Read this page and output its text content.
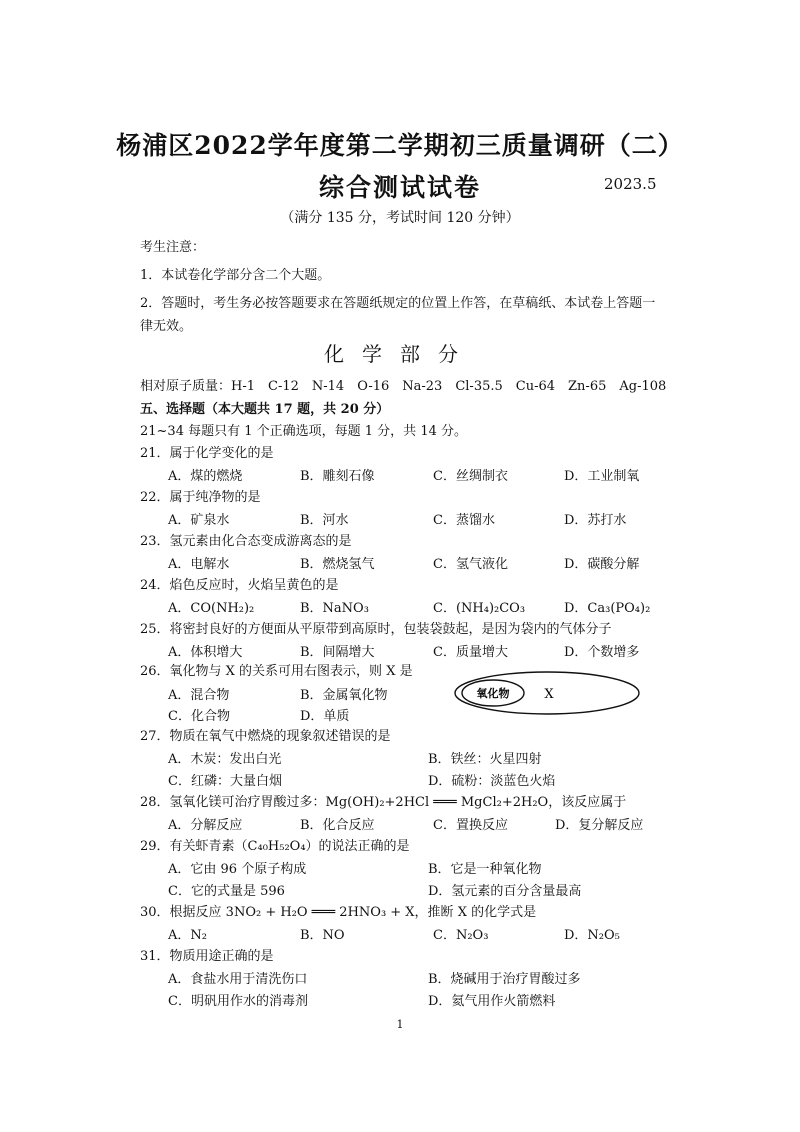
杨浦区2022学年度第二学期初三质量调研（二）
综合测试试卷	2023.5
（满分 135 分，考试时间 120 分钟）
考生注意：
1．本试卷化学部分含二个大题。
2．答题时，考生务必按答题要求在答题纸规定的位置上作答，在草稿纸、本试卷上答题一
律无效。
化学部分
相对原子质量：H-1　C-12　N-14　O-16　Na-23　Cl-35.5　Cu-64　Zn-65　Ag-108
五、选择题（本大题共 17 题，共 20 分）
21~34 每题只有 1 个正确选项，每题 1 分，共 14 分。
21．属于化学变化的是
A．煤的燃烧	B．雕刻石像	C．丝绸制衣	D．工业制氧
22．属于纯净物的是
A．矿泉水	B．河水	C．蒸馏水	D．苏打水
23．氢元素由化合态变成游离态的是
A．电解水	B．燃烧氢气	C．氢气液化	D．碳酸分解
24．焰色反应时，火焰呈黄色的是
A．CO(NH₂)₂	B．NaNO₃	C．(NH₄)₂CO₃	D．Ca₃(PO₄)₂
25．将密封良好的方便面从平原带到高原时，包装袋鼓起，是因为袋内的气体分子
A．体积增大	B．间隔增大	C．质量增大	D．个数增多
26．氧化物与 X 的关系可用右图表示，则 X 是
A．混合物	B．金属氧化物
C．化合物	D．单质
氧化物	X
27．物质在氧气中燃烧的现象叙述错误的是
A．木炭：发出白光	B．铁丝：火星四射
C．红磷：大量白烟	D．硫粉：淡蓝色火焰
28．氢氧化镁可治疗胃酸过多：Mg(OH)₂+2HCl ═══ MgCl₂+2H₂O，该反应属于
A．分解反应	B．化合反应	C．置换反应	D．复分解反应
29．有关虾青素（C₄₀H₅₂O₄）的说法正确的是
A．它由 96 个原子构成	B．它是一种氧化物
C．它的式量是 596	D．氢元素的百分含量最高
30．根据反应 3NO₂ + H₂O ═══ 2HNO₃ + X，推断 X 的化学式是
A．N₂	B．NO	C．N₂O₃	D．N₂O₅
31．物质用途正确的是
A．食盐水用于清洗伤口	B．烧碱用于治疗胃酸过多
C．明矾用作水的消毒剂	D．氦气用作火箭燃料
1
